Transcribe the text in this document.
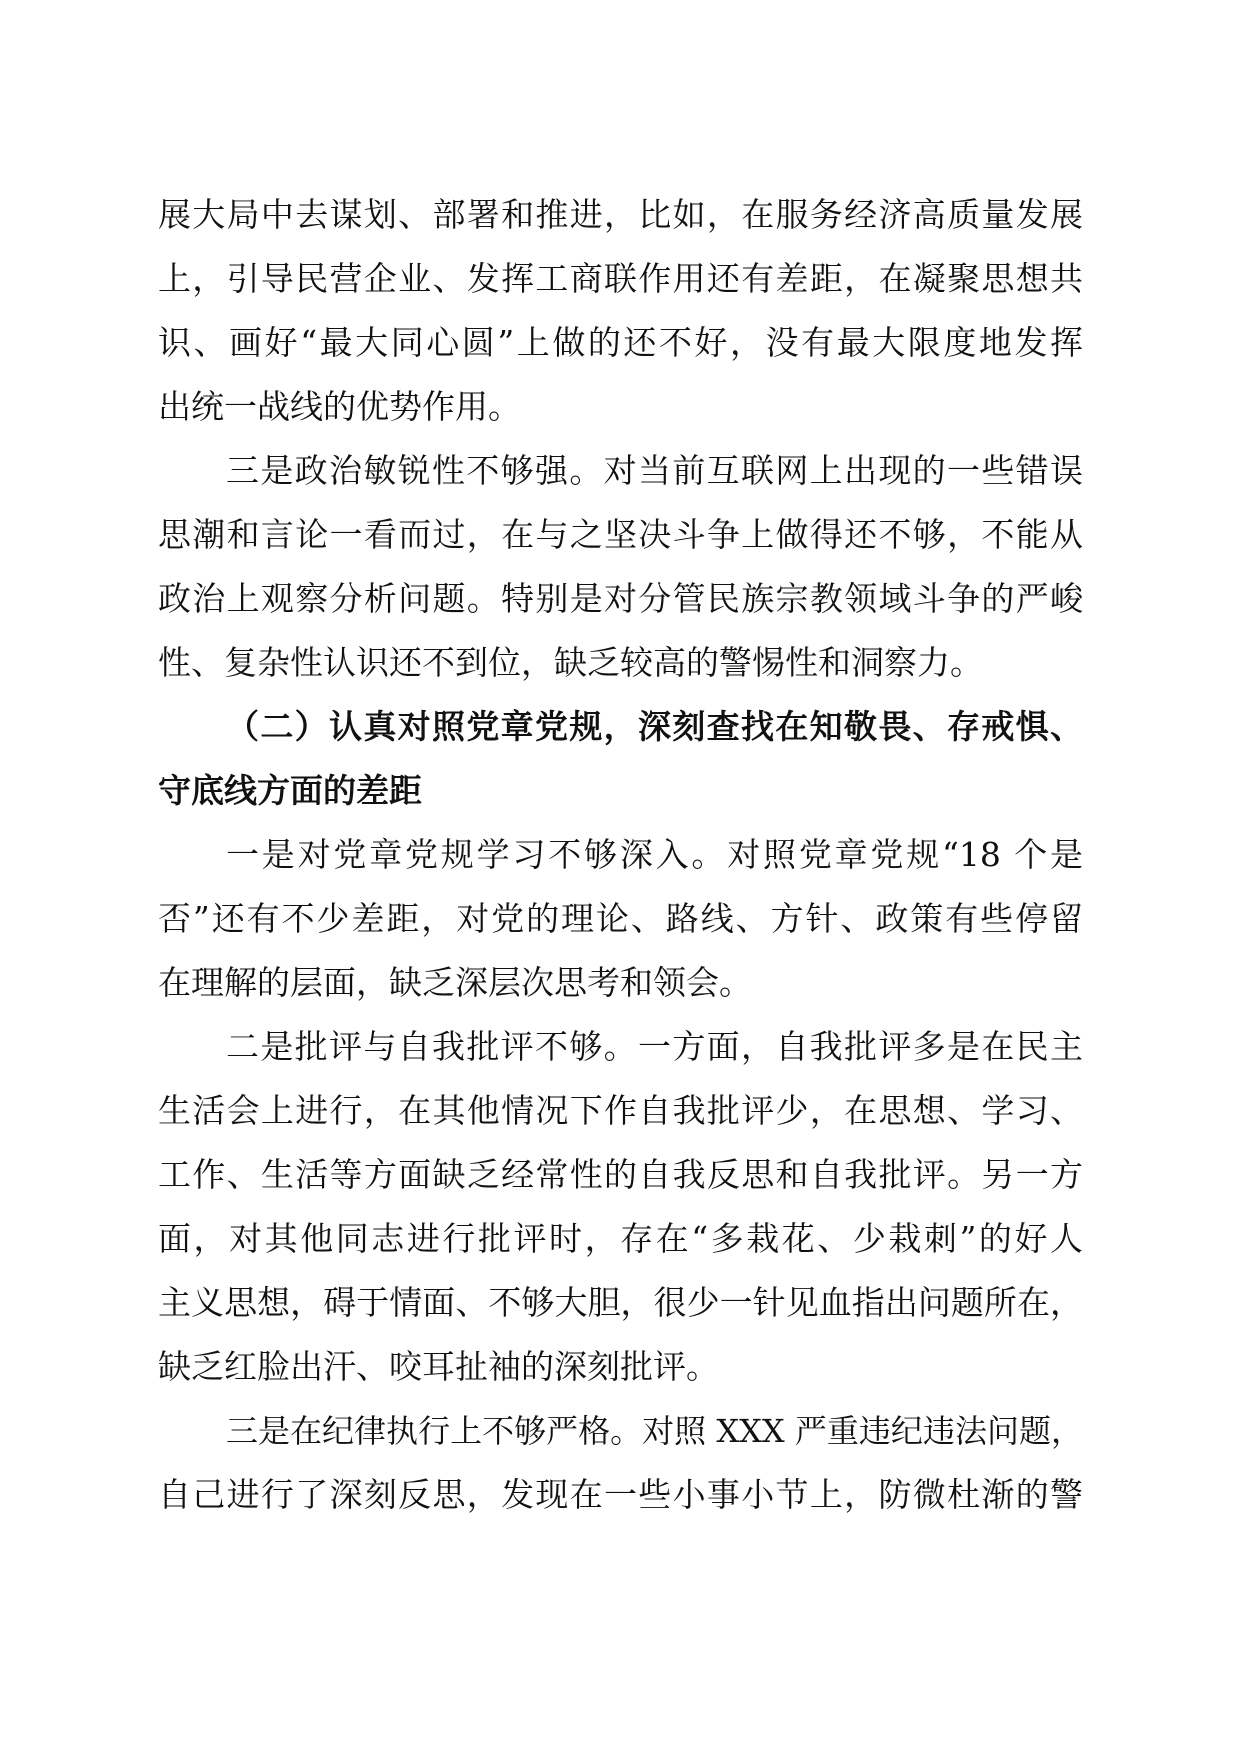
展大局中去谋划、部署和推进，比如，在服务经济高质量发展
上，引导民营企业、发挥工商联作用还有差距，在凝聚思想共
识、画好“最大同心圆”上做的还不好，没有最大限度地发挥
出统一战线的优势作用。
三是政治敏锐性不够强。对当前互联网上出现的一些错误
思潮和言论一看而过，在与之坚决斗争上做得还不够，不能从
政治上观察分析问题。特别是对分管民族宗教领域斗争的严峻
性、复杂性认识还不到位，缺乏较高的警惕性和洞察力。
（二）认真对照党章党规，深刻查找在知敬畏、存戒惧、
守底线方面的差距
一是对党章党规学习不够深入。对照党章党规“18 个是
否”还有不少差距，对党的理论、路线、方针、政策有些停留
在理解的层面，缺乏深层次思考和领会。
二是批评与自我批评不够。一方面，自我批评多是在民主
生活会上进行，在其他情况下作自我批评少，在思想、学习、
工作、生活等方面缺乏经常性的自我反思和自我批评。另一方
面，对其他同志进行批评时，存在“多栽花、少栽刺”的好人
主义思想，碍于情面、不够大胆，很少一针见血指出问题所在，
缺乏红脸出汗、咬耳扯袖的深刻批评。
三是在纪律执行上不够严格。对照 XXX 严重违纪违法问题，
自己进行了深刻反思，发现在一些小事小节上，防微杜渐的警
